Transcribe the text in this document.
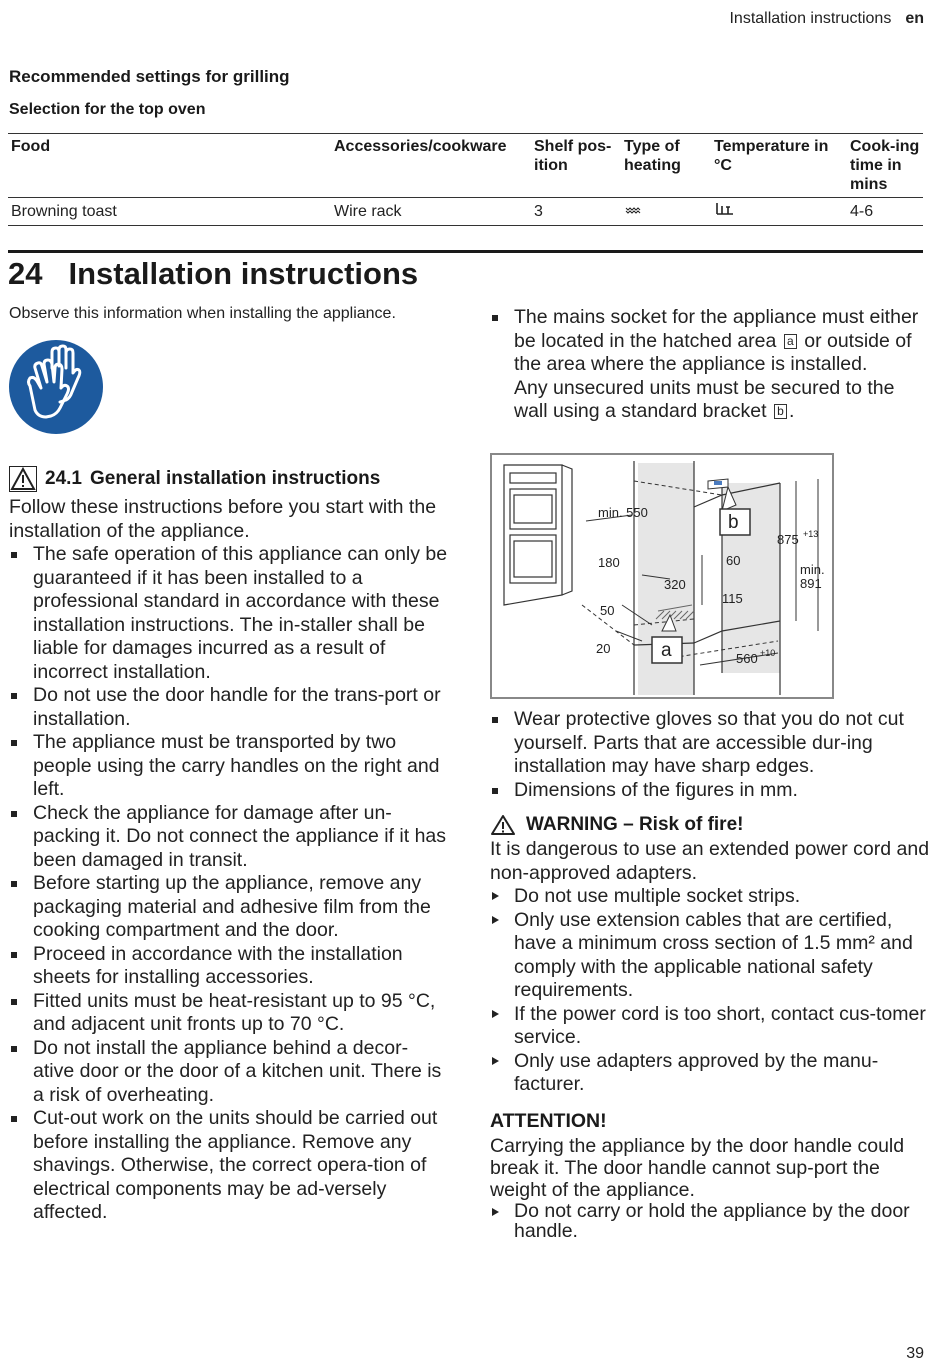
Installation instructions en
Recommended settings for grilling
Selection for the top oven
Food	Accessories/cookware	Shelf pos-ition	Type of heating	Temperature in °C	Cook-ing time in mins
Browning toast	Wire rack	3			4-6
24 Installation instructions
Observe this information when installing the appliance.
24.1 General installation instructions
Follow these instructions before you start with the installation of the appliance.
The safe operation of this appliance can only be guaranteed if it has been installed to a professional standard in accordance with these installation instructions. The in-staller shall be liable for damages incurred as a result of incorrect installation.
Do not use the door handle for the trans-port or installation.
The appliance must be transported by two people using the carry handles on the right and left.
Check the appliance for damage after un-packing it. Do not connect the appliance if it has been damaged in transit.
Before starting up the appliance, remove any packaging material and adhesive film from the cooking compartment and the door.
Proceed in accordance with the installation sheets for installing accessories.
Fitted units must be heat-resistant up to 95 °C, and adjacent unit fronts up to 70 °C.
Do not install the appliance behind a decor-ative door or the door of a kitchen unit. There is a risk of overheating.
Cut-out work on the units should be carried out before installing the appliance. Remove any shavings. Otherwise, the correct opera-tion of electrical components may be ad-versely affected.
The mains socket for the appliance must either be located in the hatched area a or outside of the area where the appliance is installed.
Any unsecured units must be secured to the wall using a standard bracket b .
b
a
min. 550
180
320
60
115
50
20
875 +13
min.
891
560 +10
Wear protective gloves so that you do not cut yourself. Parts that are accessible dur-ing installation may have sharp edges.
Dimensions of the figures in mm.
WARNING – Risk of fire!
It is dangerous to use an extended power cord and non-approved adapters.
Do not use multiple socket strips.
Only use extension cables that are certified, have a minimum cross section of 1.5 mm² and comply with the applicable national safety requirements.
If the power cord is too short, contact cus-tomer service.
Only use adapters approved by the manu-facturer.
ATTENTION!
Carrying the appliance by the door handle could break it. The door handle cannot sup-port the weight of the appliance.
Do not carry or hold the appliance by the door handle.
39
